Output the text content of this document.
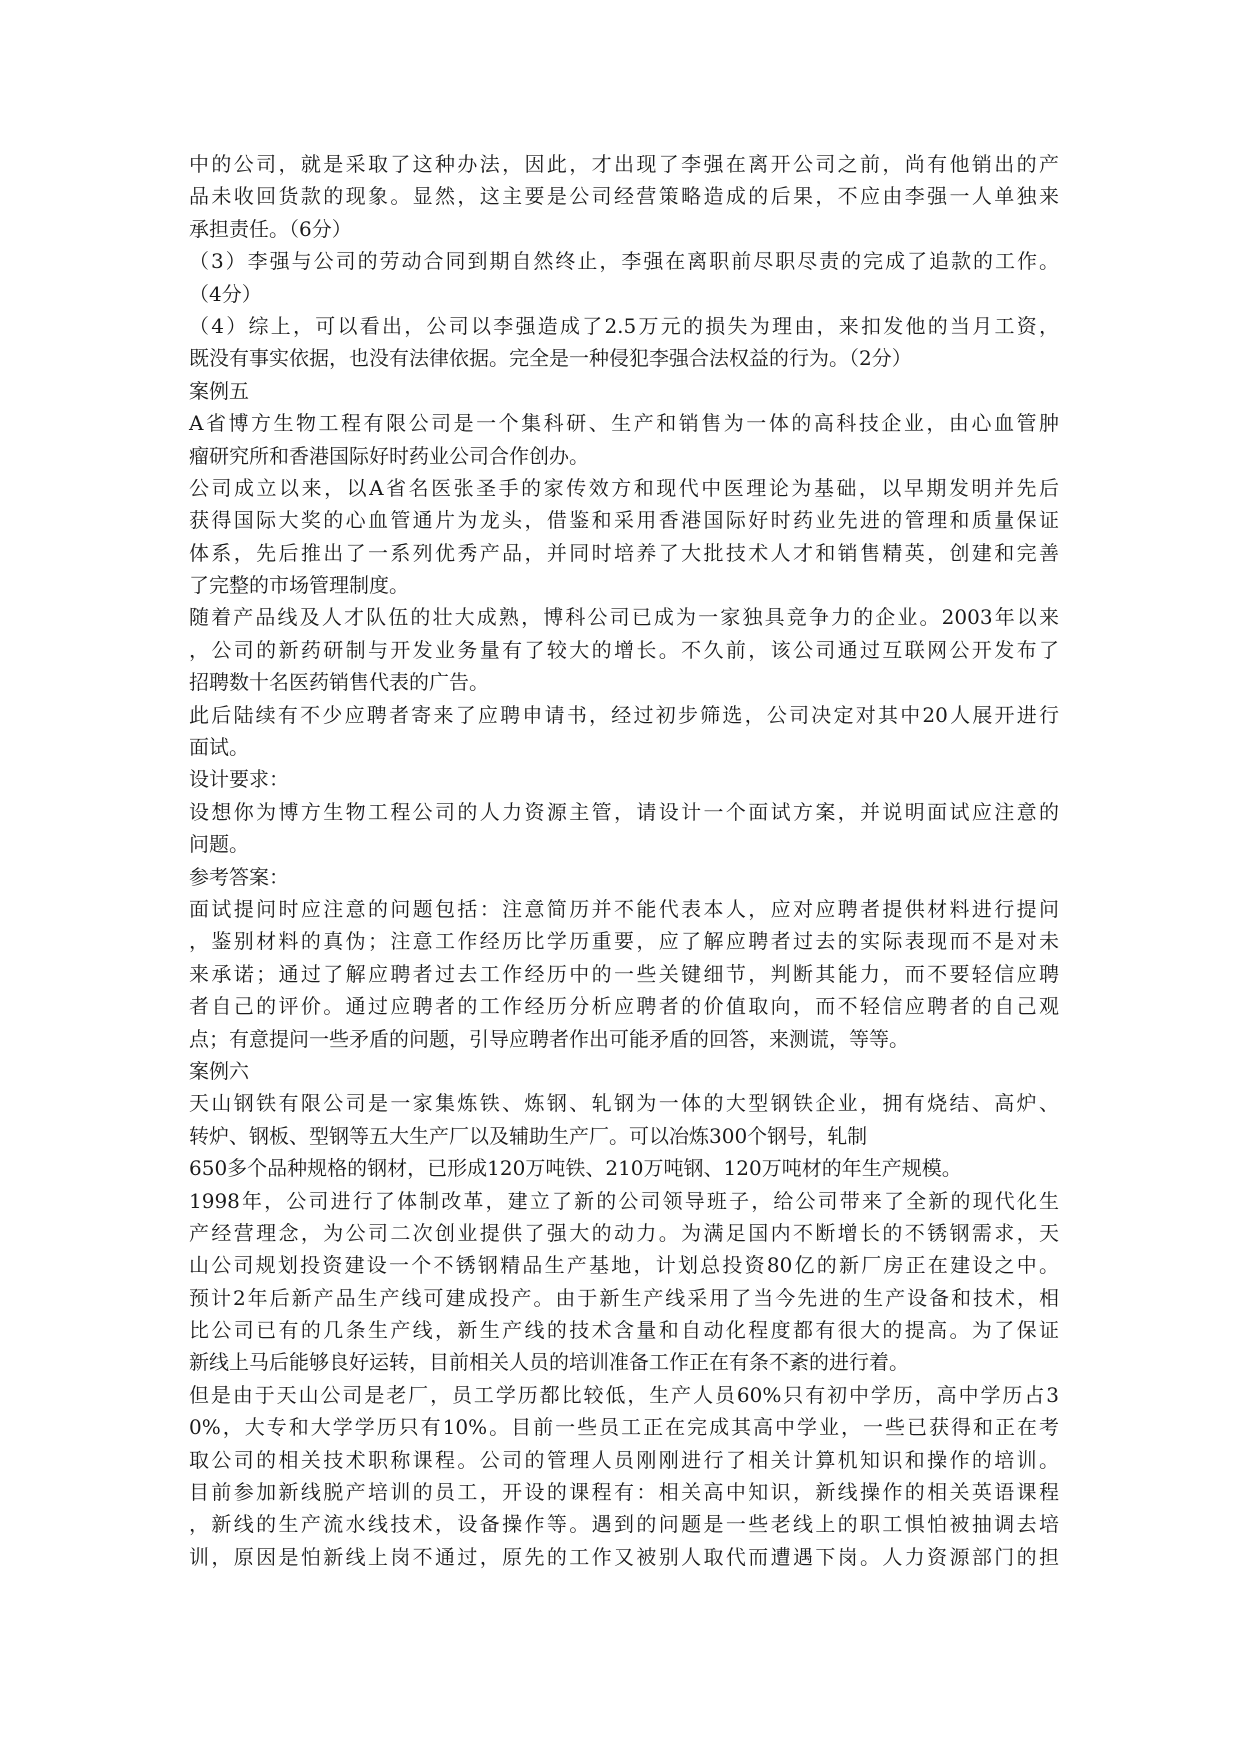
中的公司，就是采取了这种办法，因此，才出现了李强在离开公司之前，尚有他销出的产
品未收回货款的现象。显然，这主要是公司经营策略造成的后果，不应由李强一人单独来
承担责任。（6分）
（3）李强与公司的劳动合同到期自然终止，李强在离职前尽职尽责的完成了追款的工作。
（4分）
（4）综上，可以看出，公司以李强造成了2.5万元的损失为理由，来扣发他的当月工资，
既没有事实依据，也没有法律依据。完全是一种侵犯李强合法权益的行为。（2分）
案例五
A省博方生物工程有限公司是一个集科研、生产和销售为一体的高科技企业，由心血管肿
瘤研究所和香港国际好时药业公司合作创办。
公司成立以来，以A省名医张圣手的家传效方和现代中医理论为基础，以早期发明并先后
获得国际大奖的心血管通片为龙头，借鉴和采用香港国际好时药业先进的管理和质量保证
体系，先后推出了一系列优秀产品，并同时培养了大批技术人才和销售精英，创建和完善
了完整的市场管理制度。
随着产品线及人才队伍的壮大成熟，博科公司已成为一家独具竞争力的企业。2003年以来
，公司的新药研制与开发业务量有了较大的增长。不久前，该公司通过互联网公开发布了
招聘数十名医药销售代表的广告。
此后陆续有不少应聘者寄来了应聘申请书，经过初步筛选，公司决定对其中20人展开进行
面试。
设计要求：
设想你为博方生物工程公司的人力资源主管，请设计一个面试方案，并说明面试应注意的
问题。
参考答案：
面试提问时应注意的问题包括：注意简历并不能代表本人，应对应聘者提供材料进行提问
，鉴别材料的真伪；注意工作经历比学历重要，应了解应聘者过去的实际表现而不是对未
来承诺；通过了解应聘者过去工作经历中的一些关键细节，判断其能力，而不要轻信应聘
者自己的评价。通过应聘者的工作经历分析应聘者的价值取向，而不轻信应聘者的自己观
点；有意提问一些矛盾的问题，引导应聘者作出可能矛盾的回答，来测谎，等等。
案例六
天山钢铁有限公司是一家集炼铁、炼钢、轧钢为一体的大型钢铁企业，拥有烧结、高炉、
转炉、钢板、型钢等五大生产厂以及辅助生产厂。可以冶炼300个钢号，轧制
650多个品种规格的钢材，已形成120万吨铁、210万吨钢、120万吨材的年生产规模。
1998年，公司进行了体制改革，建立了新的公司领导班子，给公司带来了全新的现代化生
产经营理念，为公司二次创业提供了强大的动力。为满足国内不断增长的不锈钢需求，天
山公司规划投资建设一个不锈钢精品生产基地，计划总投资80亿的新厂房正在建设之中。
预计2年后新产品生产线可建成投产。由于新生产线采用了当今先进的生产设备和技术，相
比公司已有的几条生产线，新生产线的技术含量和自动化程度都有很大的提高。为了保证
新线上马后能够良好运转，目前相关人员的培训准备工作正在有条不紊的进行着。
但是由于天山公司是老厂，员工学历都比较低，生产人员60%只有初中学历，高中学历占3
0%，大专和大学学历只有10%。目前一些员工正在完成其高中学业，一些已获得和正在考
取公司的相关技术职称课程。公司的管理人员刚刚进行了相关计算机知识和操作的培训。
目前参加新线脱产培训的员工，开设的课程有：相关高中知识，新线操作的相关英语课程
，新线的生产流水线技术，设备操作等。遇到的问题是一些老线上的职工惧怕被抽调去培
训，原因是怕新线上岗不通过，原先的工作又被别人取代而遭遇下岗。人力资源部门的担
